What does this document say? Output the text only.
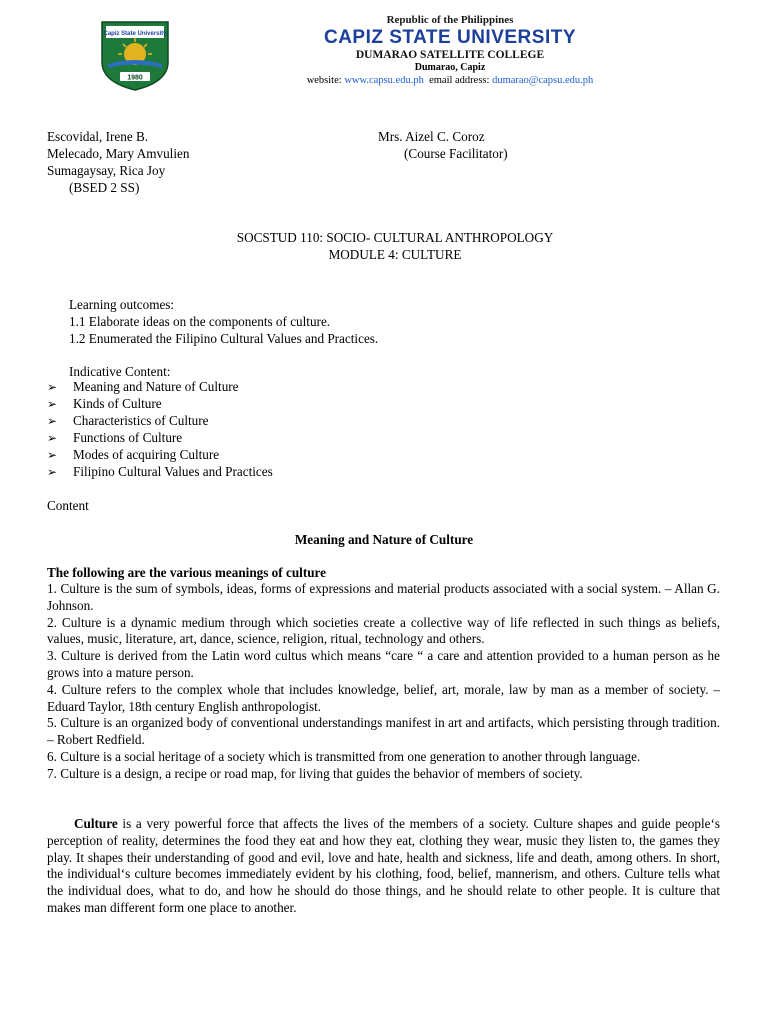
Capiz State University
1980
Republic of the Philippines
CAPIZ STATE UNIVERSITY
DUMARAO SATELLITE COLLEGE
Dumarao, Capiz
website: www.capsu.edu.ph email address: dumarao@capsu.edu.ph
Escovidal, Irene B.
Melecado, Mary Amvulien
Sumagaysay, Rica Joy
(BSED 2 SS)
Mrs. Aizel C. Coroz
(Course Facilitator)
SOCSTUD 110: SOCIO- CULTURAL ANTHROPOLOGY
MODULE 4: CULTURE
Learning outcomes:
1.1 Elaborate ideas on the components of culture.
1.2 Enumerated the Filipino Cultural Values and Practices.
Indicative Content:
➢	Meaning and Nature of Culture
➢	Kinds of Culture
➢	Characteristics of Culture
➢	Functions of Culture
➢	Modes of acquiring Culture
➢	Filipino Cultural Values and Practices
Content
Meaning and Nature of Culture
The following are the various meanings of culture

1. Culture is the sum of symbols, ideas, forms of expressions and material products associated with a social system. – Allan G. Johnson.

2. Culture is a dynamic medium through which societies create a collective way of life reflected in such things as beliefs, values, music, literature, art, dance, science, religion, ritual, technology and others.

3. Culture is derived from the Latin word cultus which means “care “ a care and attention provided to a human person as he grows into a mature person.

4. Culture refers to the complex whole that includes knowledge, belief, art, morale, law by man as a member of society. – Eduard Taylor, 18th century English anthropologist.

5. Culture is an organized body of conventional understandings manifest in art and artifacts, which persisting through tradition. – Robert Redfield.

6. Culture is a social heritage of a society which is transmitted from one generation to another through language.

7. Culture is a design, a recipe or road map, for living that guides the behavior of members of society.

Culture is a very powerful force that affects the lives of the members of a society. Culture shapes and guide people‘s perception of reality, determines the food they eat and how they eat, clothing they wear, music they listen to, the games they play. It shapes their understanding of good and evil, love and hate, health and sickness, life and death, among others. In short, the individual‘s culture becomes immediately evident by his clothing, food, belief, mannerism, and others. Culture tells what the individual does, what to do, and how he should do those things, and he should relate to other people. It is culture that makes man different form one place to another.
